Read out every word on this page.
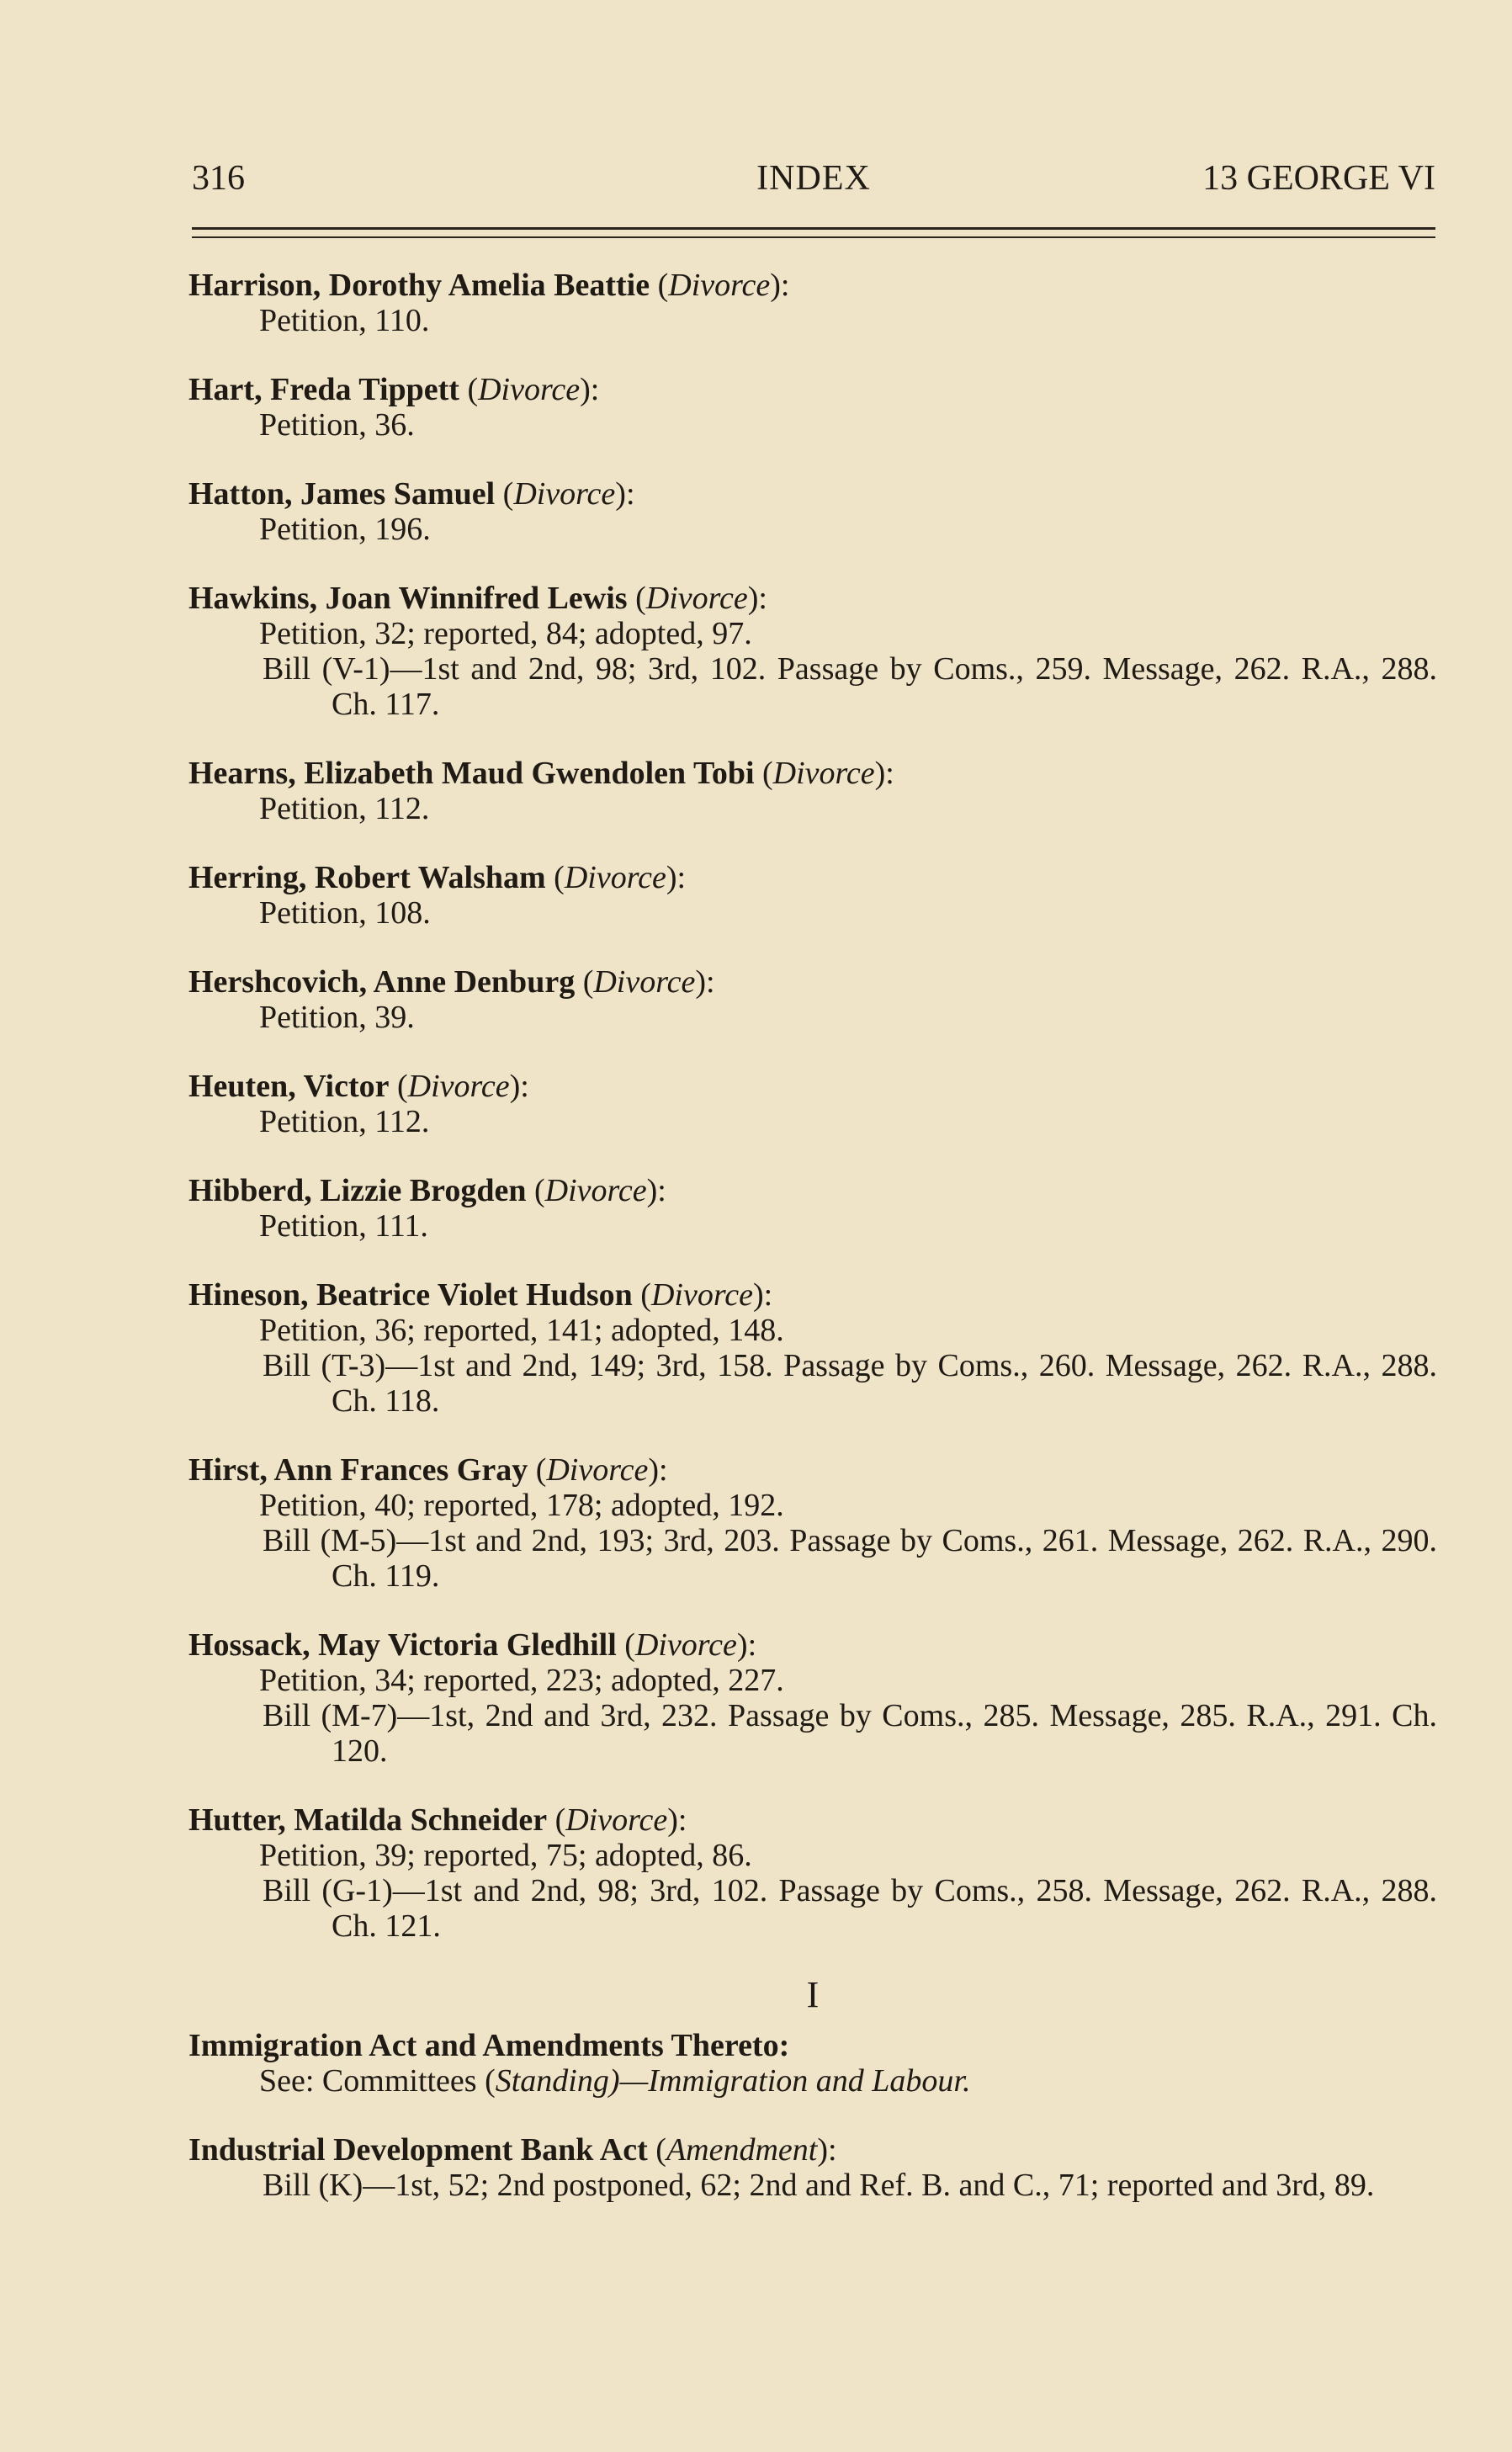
316	INDEX	13 GEORGE VI
Harrison, Dorothy Amelia Beattie (Divorce):
Petition, 110.
Hart, Freda Tippett (Divorce):
Petition, 36.
Hatton, James Samuel (Divorce):
Petition, 196.
Hawkins, Joan Winnifred Lewis (Divorce):
Petition, 32; reported, 84; adopted, 97.
Bill (V-1)—1st and 2nd, 98; 3rd, 102. Passage by Coms., 259. Message, 262. R.A., 288. Ch. 117.
Hearns, Elizabeth Maud Gwendolen Tobi (Divorce):
Petition, 112.
Herring, Robert Walsham (Divorce):
Petition, 108.
Hershcovich, Anne Denburg (Divorce):
Petition, 39.
Heuten, Victor (Divorce):
Petition, 112.
Hibberd, Lizzie Brogden (Divorce):
Petition, 111.
Hineson, Beatrice Violet Hudson (Divorce):
Petition, 36; reported, 141; adopted, 148.
Bill (T-3)—1st and 2nd, 149; 3rd, 158. Passage by Coms., 260. Message, 262. R.A., 288. Ch. 118.
Hirst, Ann Frances Gray (Divorce):
Petition, 40; reported, 178; adopted, 192.
Bill (M-5)—1st and 2nd, 193; 3rd, 203. Passage by Coms., 261. Message, 262. R.A., 290. Ch. 119.
Hossack, May Victoria Gledhill (Divorce):
Petition, 34; reported, 223; adopted, 227.
Bill (M-7)—1st, 2nd and 3rd, 232. Passage by Coms., 285. Message, 285. R.A., 291. Ch. 120.
Hutter, Matilda Schneider (Divorce):
Petition, 39; reported, 75; adopted, 86.
Bill (G-1)—1st and 2nd, 98; 3rd, 102. Passage by Coms., 258. Message, 262. R.A., 288. Ch. 121.
I
Immigration Act and Amendments Thereto:
See: Committees (Standing)—Immigration and Labour.
Industrial Development Bank Act (Amendment):
Bill (K)—1st, 52; 2nd postponed, 62; 2nd and Ref. B. and C., 71; reported and 3rd, 89.
